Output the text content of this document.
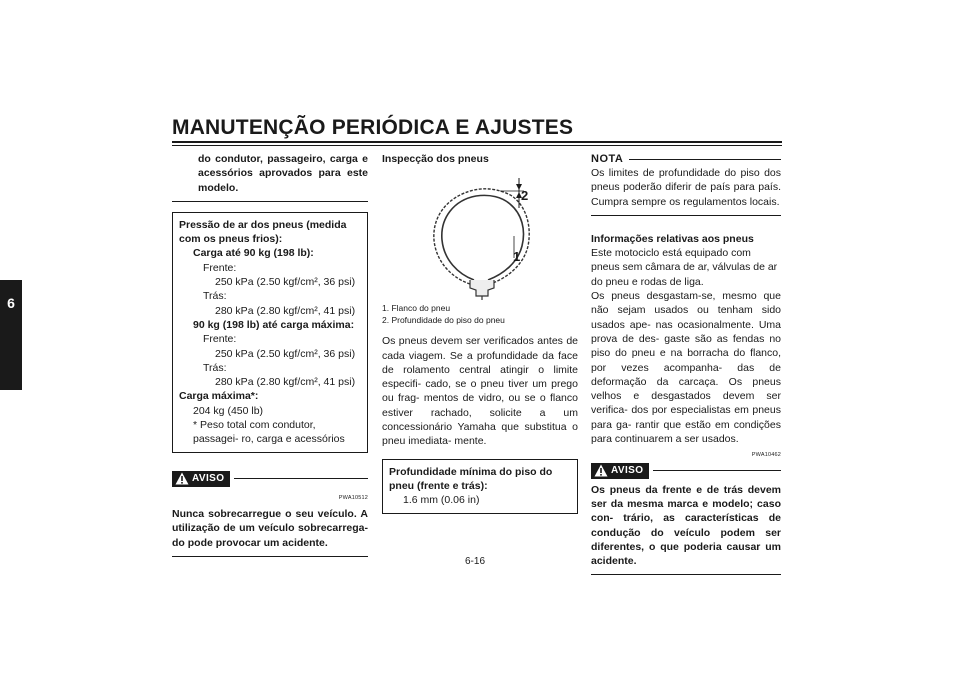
MANUTENÇÃO PERIÓDICA E AJUSTES
6

do condutor, passageiro, carga e acessórios aprovados para este modelo.

Pressão de ar dos pneus (medida com os pneus frios):

Carga até 90 kg (198 lb):

Frente:

250 kPa (2.50 kgf/cm², 36 psi)

Trás:

280 kPa (2.80 kgf/cm², 41 psi)

90 kg (198 lb) até carga máxima:

Frente:

250 kPa (2.50 kgf/cm², 36 psi)

Trás:

280 kPa (2.80 kgf/cm², 41 psi)

Carga máxima*:

204 kg (450 lb)

* Peso total com condutor, passagei- ro, carga e acessórios

AVISO
PWA10512

Nunca sobrecarregue o seu veículo. A utilização de um veículo sobrecarrega- do pode provocar um acidente.

Inspecção dos pneus

2
1

1. Flanco do pneu

2. Profundidade do piso do pneu

Os pneus devem ser verificados antes de cada viagem. Se a profundidade da face de rolamento central atingir o limite especifi- cado, se o pneu tiver um prego ou frag- mentos de vidro, ou se o flanco estiver rachado, solicite a um concessionário Yamaha que substitua o pneu imediata- mente.

Profundidade mínima do piso do pneu (frente e trás):

1.6 mm (0.06 in)

NOTA

Os limites de profundidade do piso dos pneus poderão diferir de país para país. Cumpra sempre os regulamentos locais.

Informações relativas aos pneus

Este motociclo está equipado com pneus sem câmara de ar, válvulas de ar do pneu e rodas de liga.

Os pneus desgastam-se, mesmo que não sejam usados ou tenham sido usados ape- nas ocasionalmente. Uma prova de des- gaste são as fendas no piso do pneu e na borracha do flanco, por vezes acompanha- das de deformação da carcaça. Os pneus velhos e desgastados devem ser verifica- dos por especialistas em pneus para ga- rantir que estão em condições para continuarem a ser usados.

PWA10462
AVISO

Os pneus da frente e de trás devem ser da mesma marca e modelo; caso con- trário, as características de condução do veículo podem ser diferentes, o que poderia causar um acidente.

6-16
